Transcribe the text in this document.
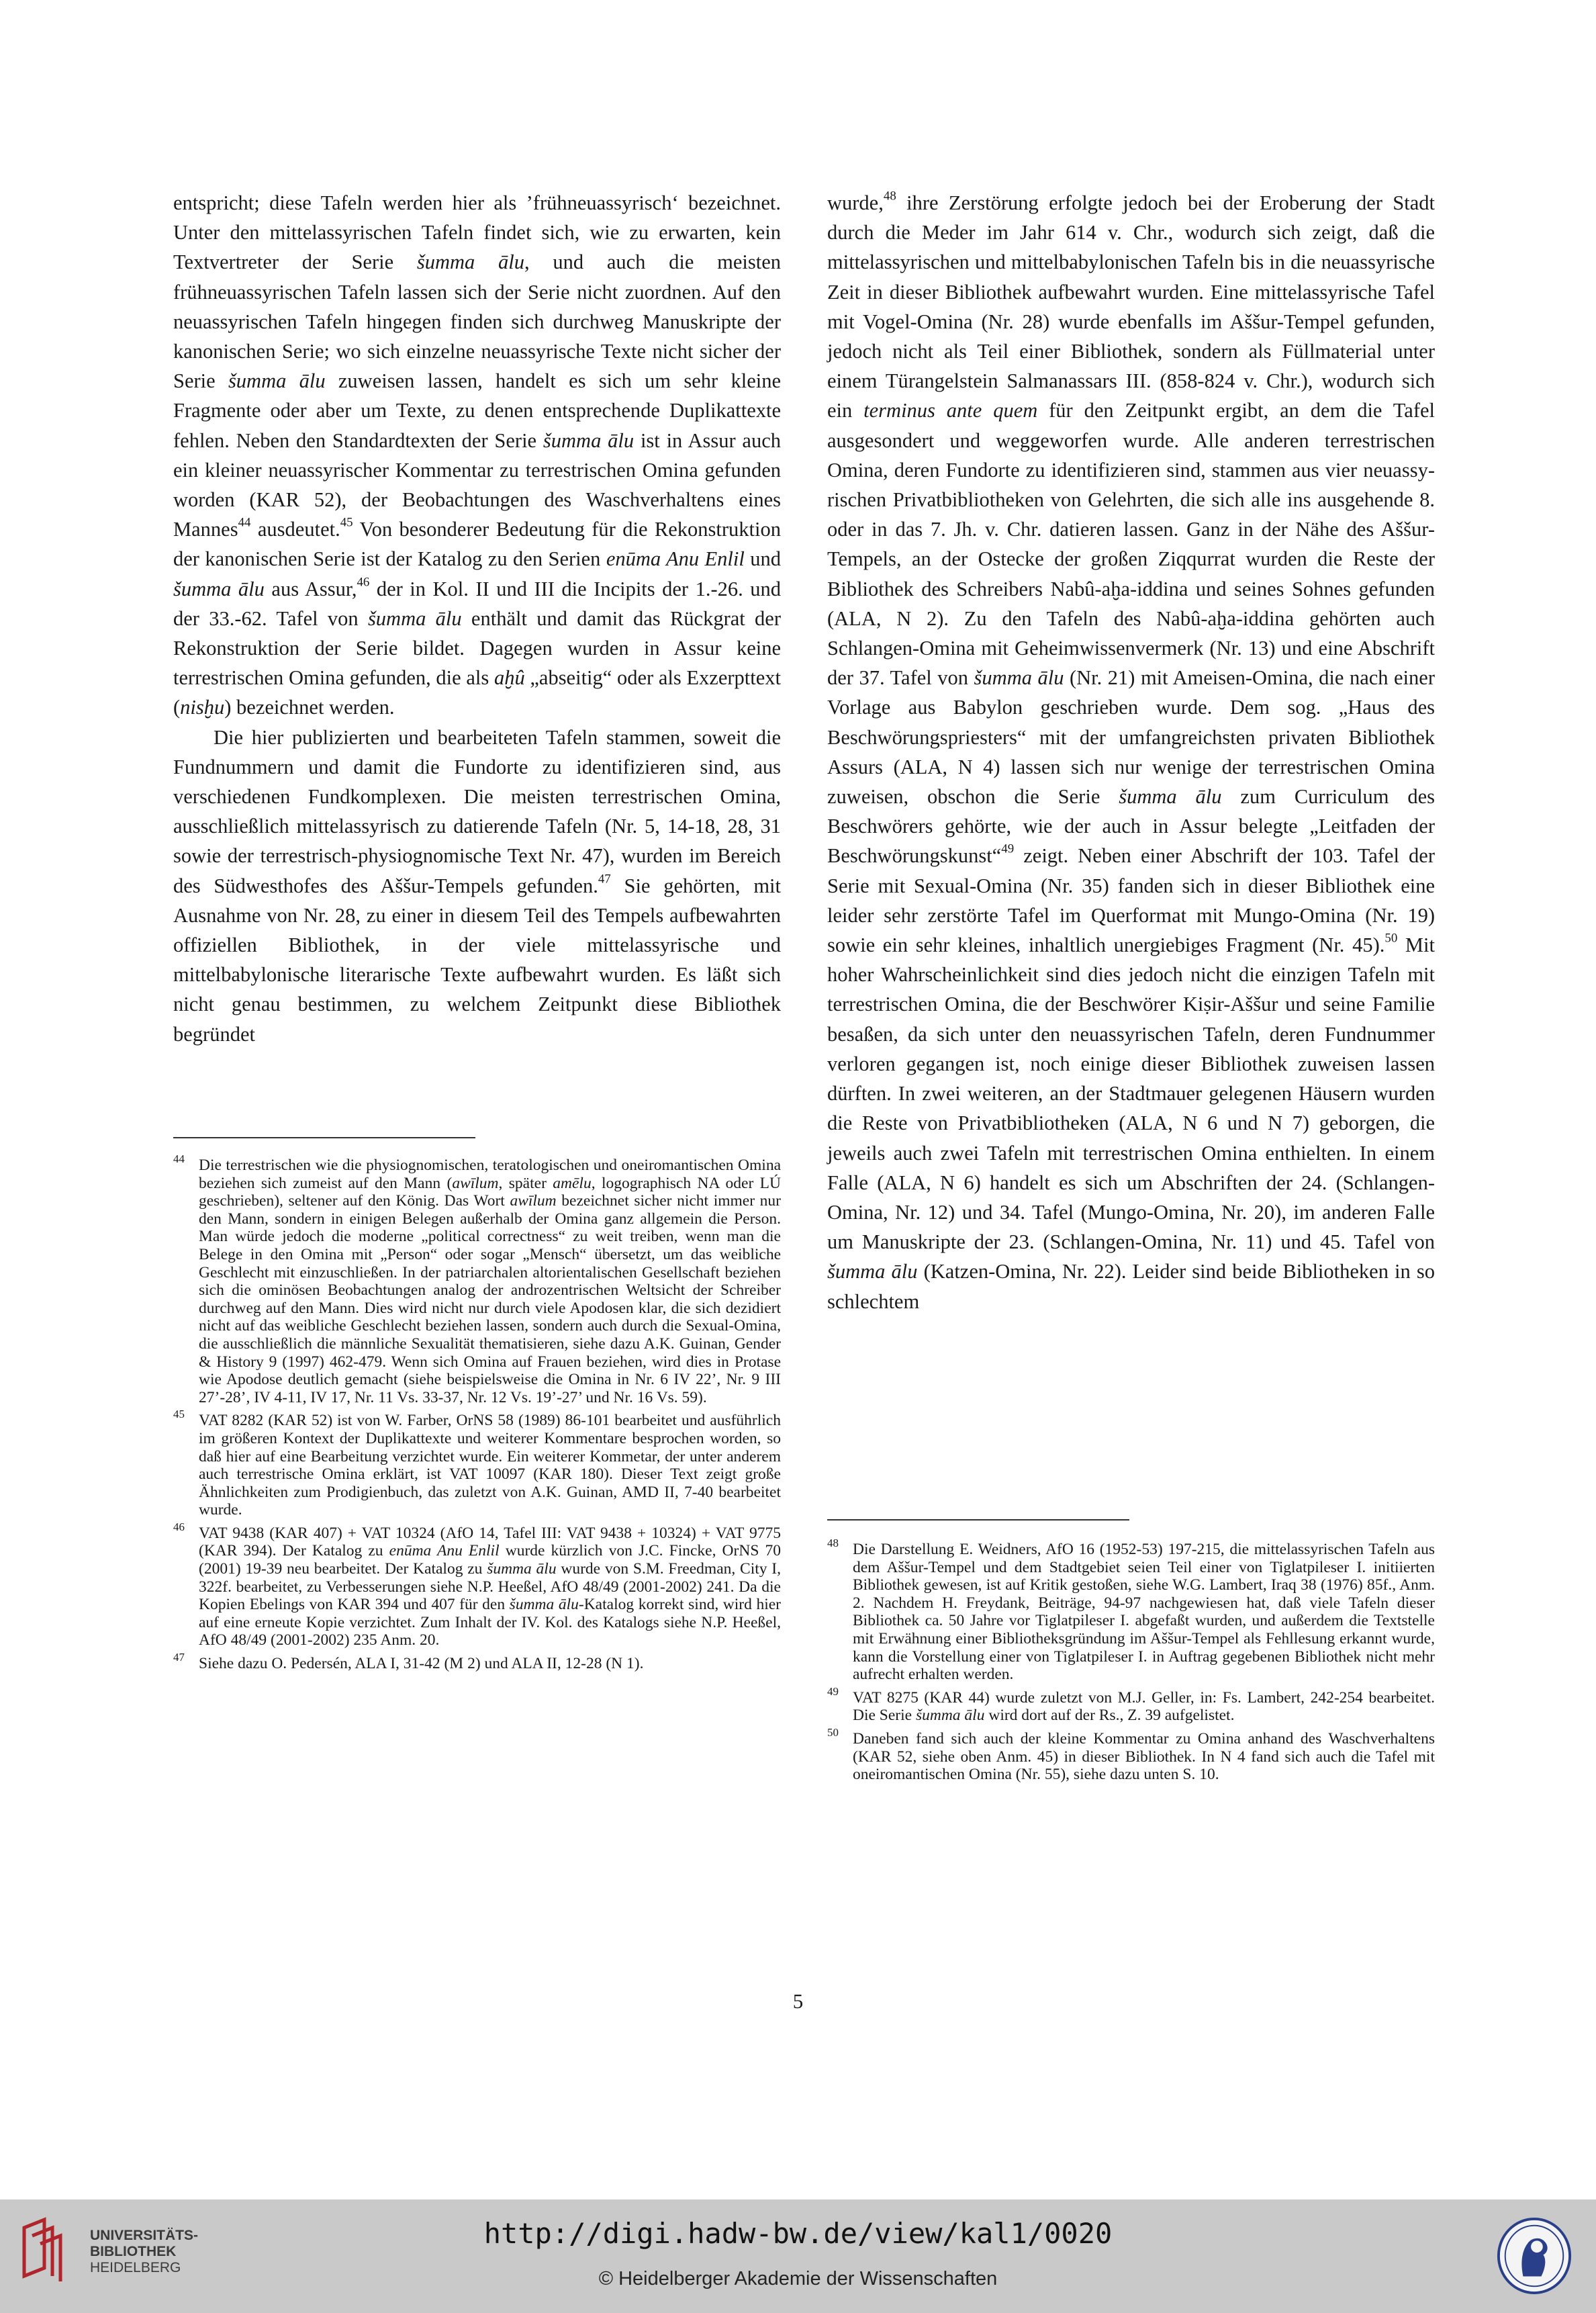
entspricht; diese Tafeln werden hier als ’frühneuassyrisch‘ bezeichnet. Unter den mittelassyrischen Tafeln findet sich, wie zu erwarten, kein Textvertreter der Serie šumma ālu, und auch die meisten frühneuassyrischen Tafeln lassen sich der Serie nicht zuordnen. Auf den neuassyrischen Tafeln hingegen finden sich durchweg Manuskripte der kanonischen Serie; wo sich einzelne neuassyrische Texte nicht sicher der Serie šumma ālu zuweisen lassen, handelt es sich um sehr kleine Fragmente oder aber um Texte, zu denen entsprechende Duplikattexte fehlen. Neben den Standardtexten der Serie šumma ālu ist in Assur auch ein kleiner neuassyrischer Kommentar zu terrestrischen Omina gefunden worden (KAR 52), der Beobachtungen des Waschverhaltens eines Mannes$^{44}$ ausdeutet.$^{45}$ Von besonderer Bedeutung für die Rekonstruktion der kanonischen Serie ist der Katalog zu den Serien enūma Anu Enlil und šumma ālu aus Assur,$^{46}$ der in Kol. II und III die Incipits der 1.-26. und der 33.-62. Tafel von šumma ālu enthält und damit das Rückgrat der Rekonstruktion der Serie bildet. Dagegen wurden in Assur keine terrestrischen Omina gefunden, die als aḫû „abseitig“ oder als Exzerpttext (nisḫu) bezeichnet werden.

Die hier publizierten und bearbeiteten Tafeln stammen, soweit die Fundnummern und damit die Fundorte zu identifizieren sind, aus verschiedenen Fundkomplexen. Die meisten terrestrischen Omina, ausschließlich mittelassyrisch zu datierende Tafeln (Nr. 5, 14-18, 28, 31 sowie der terrestrisch-physiognomische Text Nr. 47), wurden im Bereich des Südwesthofes des Aššur-Tempels gefunden.$^{47}$ Sie gehörten, mit Ausnahme von Nr. 28, zu einer in diesem Teil des Tempels aufbewahrten offiziellen Bibliothek, in der viele mittelassyrische und mittelbabylonische literarische Texte aufbewahrt wurden. Es läßt sich nicht genau bestimmen, zu welchem Zeitpunkt diese Bibliothek begründet

wurde,$^{48}$ ihre Zerstörung erfolgte jedoch bei der Eroberung der Stadt durch die Meder im Jahr 614 v. Chr., wodurch sich zeigt, daß die mittelassyrischen und mittelbabylonischen Tafeln bis in die neuassyrische Zeit in dieser Bibliothek aufbewahrt wurden. Eine mittelassyrische Tafel mit Vogel-Omina (Nr. 28) wurde ebenfalls im Aššur-Tempel gefunden, jedoch nicht als Teil einer Bibliothek, sondern als Füllmaterial unter einem Türangelstein Salmanassars III. (858-824 v. Chr.), wodurch sich ein terminus ante quem für den Zeitpunkt ergibt, an dem die Tafel ausgesondert und weggeworfen wurde. Alle anderen terrestrischen Omina, deren Fundorte zu identifizieren sind, stammen aus vier neuassyrischen Privatbibliotheken von Gelehrten, die sich alle ins ausgehende 8. oder in das 7. Jh. v. Chr. datieren lassen. Ganz in der Nähe des Aššur-Tempels, an der Ostecke der großen Ziqqurrat wurden die Reste der Bibliothek des Schreibers Nabû-aḫa-iddina und seines Sohnes gefunden (ALA, N 2). Zu den Tafeln des Nabû-aḫa-iddina gehörten auch Schlangen-Omina mit Geheimwissenvermerk (Nr. 13) und eine Abschrift der 37. Tafel von šumma ālu (Nr. 21) mit Ameisen-Omina, die nach einer Vorlage aus Babylon geschrieben wurde. Dem sog. „Haus des Beschwörungspriesters“ mit der umfangreichsten privaten Bibliothek Assurs (ALA, N 4) lassen sich nur wenige der terrestrischen Omina zuweisen, obschon die Serie šumma ālu zum Curriculum des Beschwörers gehörte, wie der auch in Assur belegte „Leitfaden der Beschwörungskunst“$^{49}$ zeigt. Neben einer Abschrift der 103. Tafel der Serie mit Sexual-Omina (Nr. 35) fanden sich in dieser Bibliothek eine leider sehr zerstörte Tafel im Querformat mit Mungo-Omina (Nr. 19) sowie ein sehr kleines, inhaltlich unergiebiges Fragment (Nr. 45).$^{50}$ Mit hoher Wahrscheinlichkeit sind dies jedoch nicht die einzigen Tafeln mit terrestrischen Omina, die der Beschwörer Kiṣir-Aššur und seine Familie besaßen, da sich unter den neuassyrischen Tafeln, deren Fundnummer verloren gegangen ist, noch einige dieser Bibliothek zuweisen lassen dürften. In zwei weiteren, an der Stadtmauer gelegenen Häusern wurden die Reste von Privatbibliotheken (ALA, N 6 und N 7) geborgen, die jeweils auch zwei Tafeln mit terrestrischen Omina enthielten. In einem Falle (ALA, N 6) handelt es sich um Abschriften der 24. (Schlangen-Omina, Nr. 12) und 34. Tafel (Mungo-Omina, Nr. 20), im anderen Falle um Manuskripte der 23. (Schlangen-Omina, Nr. 11) und 45. Tafel von šumma ālu (Katzen-Omina, Nr. 22). Leider sind beide Bibliotheken in so schlechtem

44 Die terrestrischen wie die physiognomischen, teratologischen und oneiromantischen Omina beziehen sich zumeist auf den Mann (awīlum, später amēlu, logographisch NA oder LÚ geschrieben), seltener auf den König. Das Wort awīlum bezeichnet sicher nicht immer nur den Mann, sondern in einigen Belegen außerhalb der Omina ganz allgemein die Person. Man würde jedoch die moderne „political correctness“ zu weit treiben, wenn man die Belege in den Omina mit „Person“ oder sogar „Mensch“ übersetzt, um das weibliche Geschlecht mit einzuschließen. In der patriarchalen altorientalischen Gesellschaft beziehen sich die ominösen Beobachtungen analog der androzentrischen Weltsicht der Schreiber durchweg auf den Mann. Dies wird nicht nur durch viele Apodosen klar, die sich dezidiert nicht auf das weibliche Geschlecht beziehen lassen, sondern auch durch die Sexual-Omina, die ausschließlich die männliche Sexualität thematisieren, siehe dazu A.K. Guinan, Gender & History 9 (1997) 462-479. Wenn sich Omina auf Frauen beziehen, wird dies in Protase wie Apodose deutlich gemacht (siehe beispielsweise die Omina in Nr. 6 IV 22’, Nr. 9 III 27’-28’, IV 4-11, IV 17, Nr. 11 Vs. 33-37, Nr. 12 Vs. 19’-27’ und Nr. 16 Vs. 59).
45 VAT 8282 (KAR 52) ist von W. Farber, OrNS 58 (1989) 86-101 bearbeitet und ausführlich im größeren Kontext der Duplikattexte und weiterer Kommentare besprochen worden, so daß hier auf eine Bearbeitung verzichtet wurde. Ein weiterer Kommetar, der unter anderem auch terrestrische Omina erklärt, ist VAT 10097 (KAR 180). Dieser Text zeigt große Ähnlichkeiten zum Prodigienbuch, das zuletzt von A.K. Guinan, AMD II, 7-40 bearbeitet wurde.
46 VAT 9438 (KAR 407) + VAT 10324 (AfO 14, Tafel III: VAT 9438 + 10324) + VAT 9775 (KAR 394). Der Katalog zu enūma Anu Enlil wurde kürzlich von J.C. Fincke, OrNS 70 (2001) 19-39 neu bearbeitet. Der Katalog zu šumma ālu wurde von S.M. Freedman, City I, 322f. bearbeitet, zu Verbesserungen siehe N.P. Heeßel, AfO 48/49 (2001-2002) 241. Da die Kopien Ebelings von KAR 394 und 407 für den šumma ālu-Katalog korrekt sind, wird hier auf eine erneute Kopie verzichtet. Zum Inhalt der IV. Kol. des Katalogs siehe N.P. Heeßel, AfO 48/49 (2001-2002) 235 Anm. 20.
47 Siehe dazu O. Pedersén, ALA I, 31-42 (M 2) und ALA II, 12-28 (N 1).
48 Die Darstellung E. Weidners, AfO 16 (1952-53) 197-215, die mittelassyrischen Tafeln aus dem Aššur-Tempel und dem Stadtgebiet seien Teil einer von Tiglatpileser I. initiierten Bibliothek gewesen, ist auf Kritik gestoßen, siehe W.G. Lambert, Iraq 38 (1976) 85f., Anm. 2. Nachdem H. Freydank, Beiträge, 94-97 nachgewiesen hat, daß viele Tafeln dieser Bibliothek ca. 50 Jahre vor Tiglatpileser I. abgefaßt wurden, und außerdem die Textstelle mit Erwähnung einer Bibliotheksgründung im Aššur-Tempel als Fehllesung erkannt wurde, kann die Vorstellung einer von Tiglatpileser I. in Auftrag gegebenen Bibliothek nicht mehr aufrecht erhalten werden.
49 VAT 8275 (KAR 44) wurde zuletzt von M.J. Geller, in: Fs. Lambert, 242-254 bearbeitet. Die Serie šumma ālu wird dort auf der Rs., Z. 39 aufgelistet.
50 Daneben fand sich auch der kleine Kommentar zu Omina anhand des Waschverhaltens (KAR 52, siehe oben Anm. 45) in dieser Bibliothek. In N 4 fand sich auch die Tafel mit oneiromantischen Omina (Nr. 55), siehe dazu unten S. 10.
5
UNIVERSITÄTS-
BIBLIOTHEK
HEIDELBERG
http://digi.hadw-bw.de/view/kal1/0020
© Heidelberger Akademie der Wissenschaften
